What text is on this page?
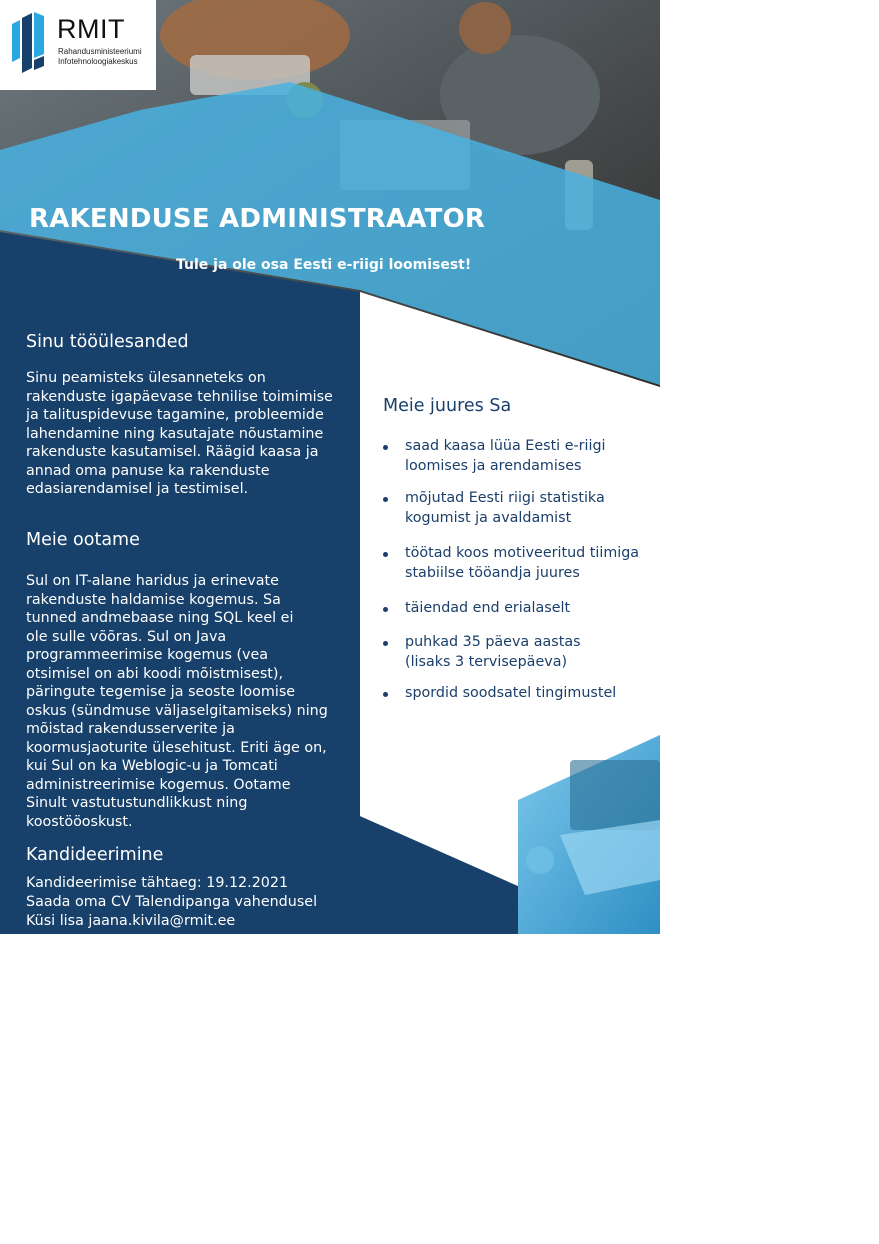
RMIT
Rahandusministeeriumi
Infotehnoloogiakeskus
RAKENDUSE ADMINISTRAATOR
Tule ja ole osa Eesti e-riigi loomisest!
Sinu tööülesanded

Sinu peamisteks ülesanneteks on
rakenduste igapäevase tehnilise toimimise
ja talituspidevuse tagamine, probleemide
lahendamine ning kasutajate nõustamine
rakenduste kasutamisel. Räägid kaasa ja
annad oma panuse ka rakenduste
edasiarendamisel ja testimisel.

Meie ootame

Sul on IT-alane haridus ja erinevate
rakenduste haldamise kogemus. Sa
tunned andmebaase ning SQL keel ei
ole sulle võõras. Sul on Java
programmeerimise kogemus (vea
otsimisel on abi koodi mõistmisest),
päringute tegemise ja seoste loomise
oskus (sündmuse väljaselgitamiseks) ning
mõistad rakendusserverite ja
koormusjaoturite ülesehitust. Eriti äge on,
kui Sul on ka Weblogic-u ja Tomcati
administreerimise kogemus. Ootame
Sinult vastutustundlikkust ning
koostööoskust.

Kandideerimine

Kandideerimise tähtaeg: 19.12.2021
Saada oma CV Talendipanga vahendusel
Küsi lisa jaana.kivila@rmit.ee

Meie juures Sa
saad kaasa lüüa Eesti e-riigi
loomises ja arendamises
mõjutad Eesti riigi statistika
kogumist ja avaldamist
töötad koos motiveeritud tiimiga
stabiilse tööandja juures
täiendad end erialaselt
puhkad 35 päeva aastas
(lisaks 3 tervisepäeva)
spordid soodsatel tingimustel
